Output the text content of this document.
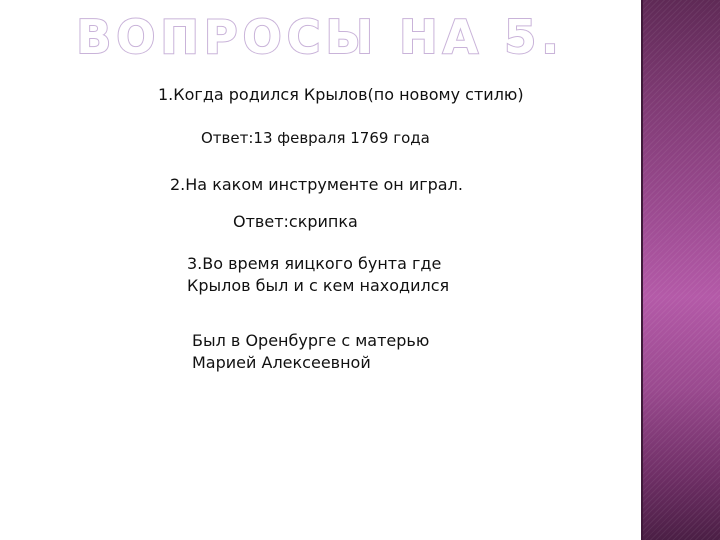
ВОПРОСЫ НА 5.
1.Когда родился Крылов(по новому стилю)
Ответ:13 февраля 1769 года
2.На каком инструменте он играл.
Ответ:скрипка
3.Во время яицкого бунта где Крылов был и с кем находился
Был в Оренбурге с матерью Марией Алексеевной
